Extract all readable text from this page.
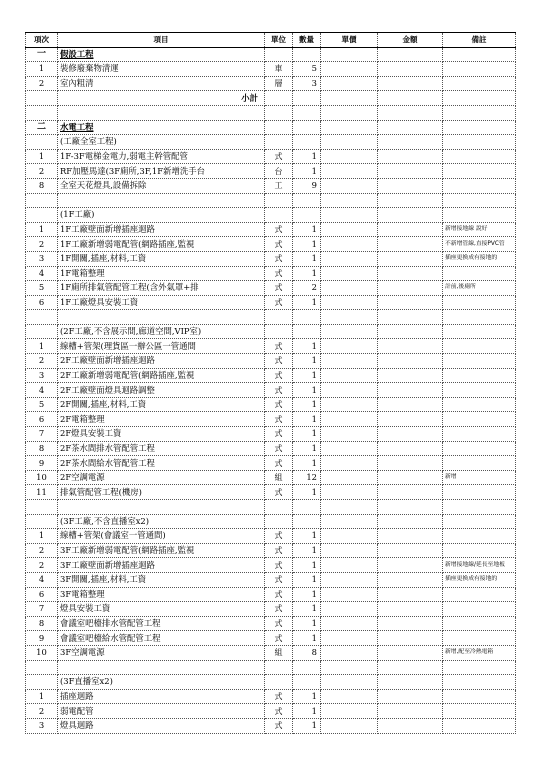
項次	項目	單位	數量	單價	金額	備註
一	假設工程					
1	裝修廢棄物清運	車	5			
2	室內粗清	層	3			
	小計					

二	水電工程					
	(工廠全室工程)					
1	1F-3F電梯金電力,弱電主幹管配管	式	1			
2	RF加壓馬達(3F廁所,3F,1F新增洗手台	台	1			
8	全室天花燈具,設備拆除	工	9			

	(1F工廠)					
1	1F工廠壁面新增插座迴路	式	1			新增接地線 說好
2	1F工廠新增弱電配管(網路插座,監視	式	1			不新增管線,直接PVC管
3	1F開關,插座,材料,工資	式	1			插座更換成有接地的
4	1F電箱整理	式	1			
5	1F廁所排氣管配管工程(含外氣罩+排	式	2			計前,後廁所
6	1F工廠燈具安裝工資	式	1			

	(2F工廠,不含展示間,廊道空間,VIP室)					
1	線槽+管架(理貨區一辦公區一管通間	式	1			
2	2F工廠壁面新增插座迴路	式	1			
3	2F工廠新增弱電配管(網路插座,監視	式	1			
4	2F工廠壁面燈具迴路調整	式	1			
5	2F開關,插座,材料,工資	式	1			
6	2F電箱整理	式	1			
7	2F燈具安裝工資	式	1			
8	2F茶水間排水管配管工程	式	1			
9	2F茶水間給水管配管工程	式	1			
10	2F空調電源	組	12			新增
11	排氣管配管工程(機房)	式	1			

	(3F工廠,不含直播室x2)					
1	線槽+管架(會議室一管通間)	式	1			
2	3F工廠新增弱電配管(網路插座,監視	式	1			
2	3F工廠壁面新增插座迴路	式	1			新增接地線/延長至地板
4	3F開關,插座,材料,工資	式	1			插座更換成有接地的
6	3F電箱整理	式	1			
7	燈具安裝工資	式	1			
8	會議室吧檯排水管配管工程	式	1			
9	會議室吧檯給水管配管工程	式	1			
10	3F空調電源	組	8			新增,配至冷熱電箱

	(3F直播室x2)					
1	插座迴路	式	1			
2	弱電配管	式	1			
3	燈具迴路	式	1			
